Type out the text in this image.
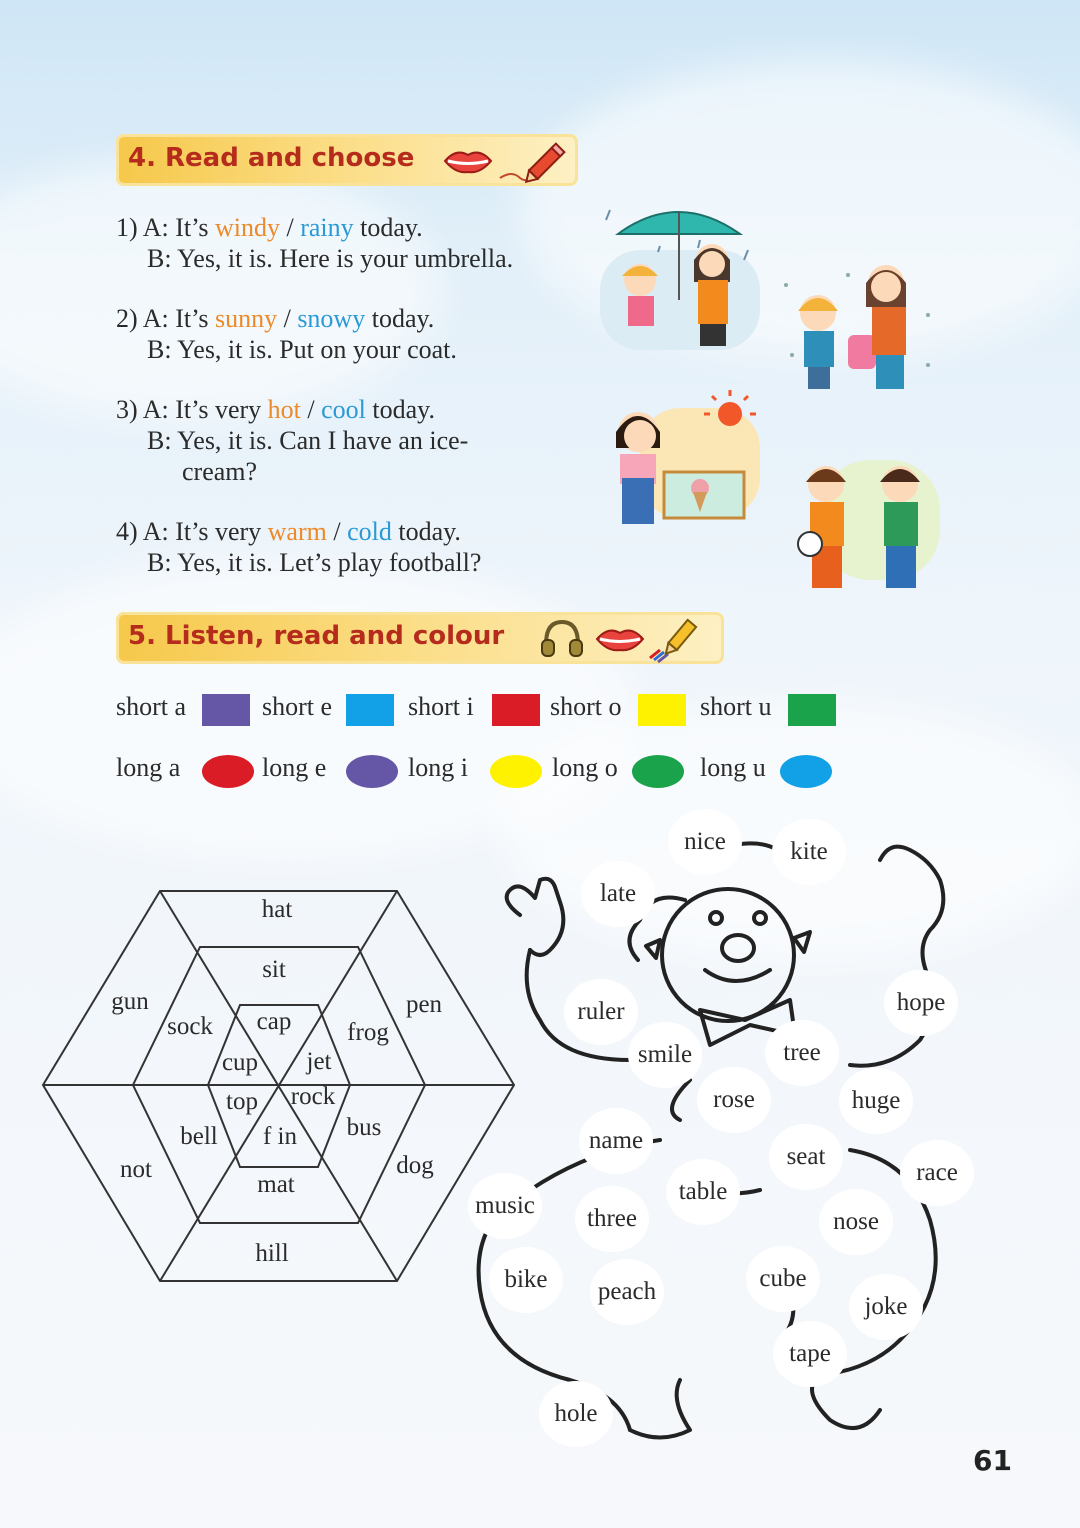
4. Read and choose
1) A: It’s windy / rainy today.
B: Yes, it is. Here is your umbrella.
2) A: It’s sunny / snowy today.
B: Yes, it is. Put on your coat.
3) A: It’s very hot / cool today.
B: Yes, it is. Can I have an ice-
cream?
4) A: It’s very warm / cold today.
B: Yes, it is. Let’s play football?
5. Listen, read and colour
short a	short e	short i	short o	short u
long a	long e	long i	long o	long u
hat
sit
gun
sock cap frog
pen
cup jet
top rock
bell f in bus
not
mat
dog
hill
nice	kite
late
ruler	hope
smile	tree
rose	huge
name
seat
race
music
table
three	nose
bike peach	cube
joke
tape
hole
61
